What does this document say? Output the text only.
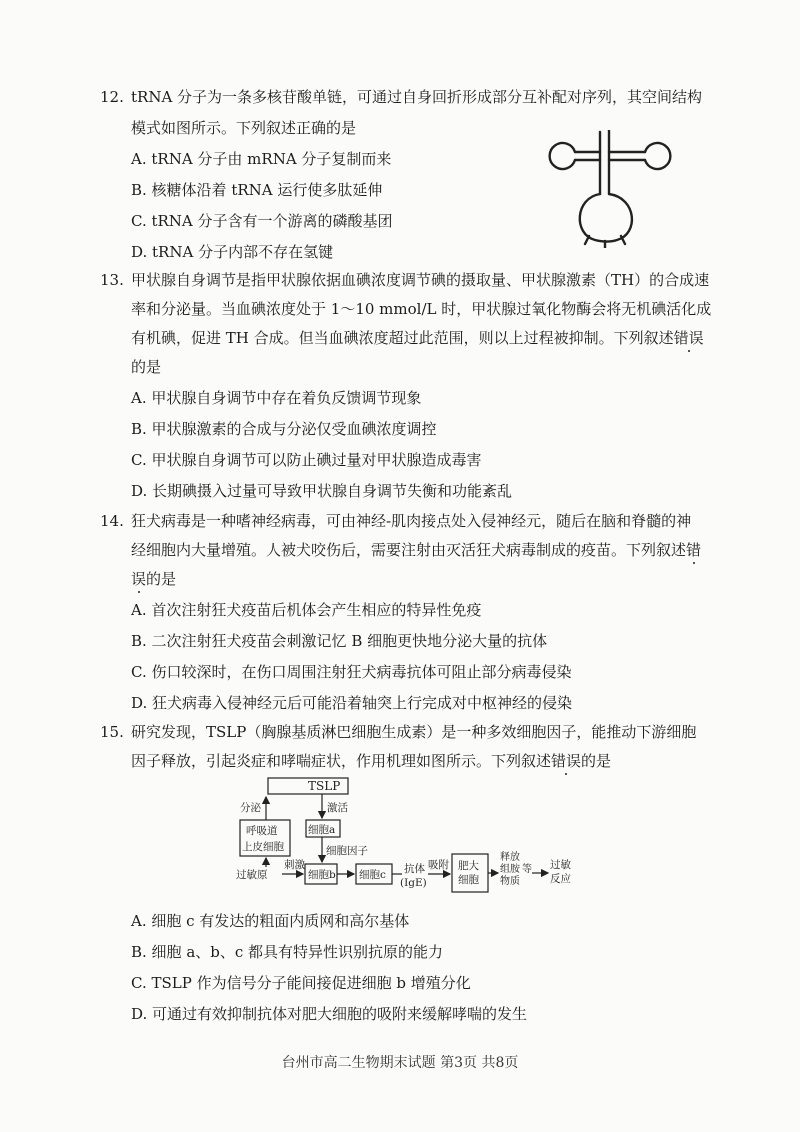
12. tRNA 分子为一条多核苷酸单链，可通过自身回折形成部分互补配对序列，其空间结构
模式如图所示。下列叙述正确的是
A. tRNA 分子由 mRNA 分子复制而来
B. 核糖体沿着 tRNA 运行使多肽延伸
C. tRNA 分子含有一个游离的磷酸基团
D. tRNA 分子内部不存在氢键
13. 甲状腺自身调节是指甲状腺依据血碘浓度调节碘的摄取量、甲状腺激素（TH）的合成速
率和分泌量。当血碘浓度处于 1～10 mmol/L 时，甲状腺过氧化物酶会将无机碘活化成
有机碘，促进 TH 合成。但当血碘浓度超过此范围，则以上过程被抑制。下列叙述错误
的是
A. 甲状腺自身调节中存在着负反馈调节现象
B. 甲状腺激素的合成与分泌仅受血碘浓度调控
C. 甲状腺自身调节可以防止碘过量对甲状腺造成毒害
D. 长期碘摄入过量可导致甲状腺自身调节失衡和功能紊乱
14. 狂犬病毒是一种嗜神经病毒，可由神经-肌肉接点处入侵神经元，随后在脑和脊髓的神
经细胞内大量增殖。人被犬咬伤后，需要注射由灭活狂犬病毒制成的疫苗。下列叙述错
误的是
A. 首次注射狂犬疫苗后机体会产生相应的特异性免疫
B. 二次注射狂犬疫苗会刺激记忆 B 细胞更快地分泌大量的抗体
C. 伤口较深时，在伤口周围注射狂犬病毒抗体可阻止部分病毒侵染
D. 狂犬病毒入侵神经元后可能沿着轴突上行完成对中枢神经的侵染
15. 研究发现，TSLP（胸腺基质淋巴细胞生成素）是一种多效细胞因子，能推动下游细胞
因子释放，引起炎症和哮喘症状，作用机理如图所示。下列叙述错误的是
TSLP
分泌	激活
呼吸道
上皮细胞
细胞a
细胞因子
过敏原
刺激
细胞b 细胞c 抗体
(IgE)
吸附 肥大
细胞
释放
组胺 等
物质
过敏
反应
A. 细胞 c 有发达的粗面内质网和高尔基体
B. 细胞 a、b、c 都具有特异性识别抗原的能力
C. TSLP 作为信号分子能间接促进细胞 b 增殖分化
D. 可通过有效抑制抗体对肥大细胞的吸附来缓解哮喘的发生
台州市高二生物期末试题 第3页 共8页
